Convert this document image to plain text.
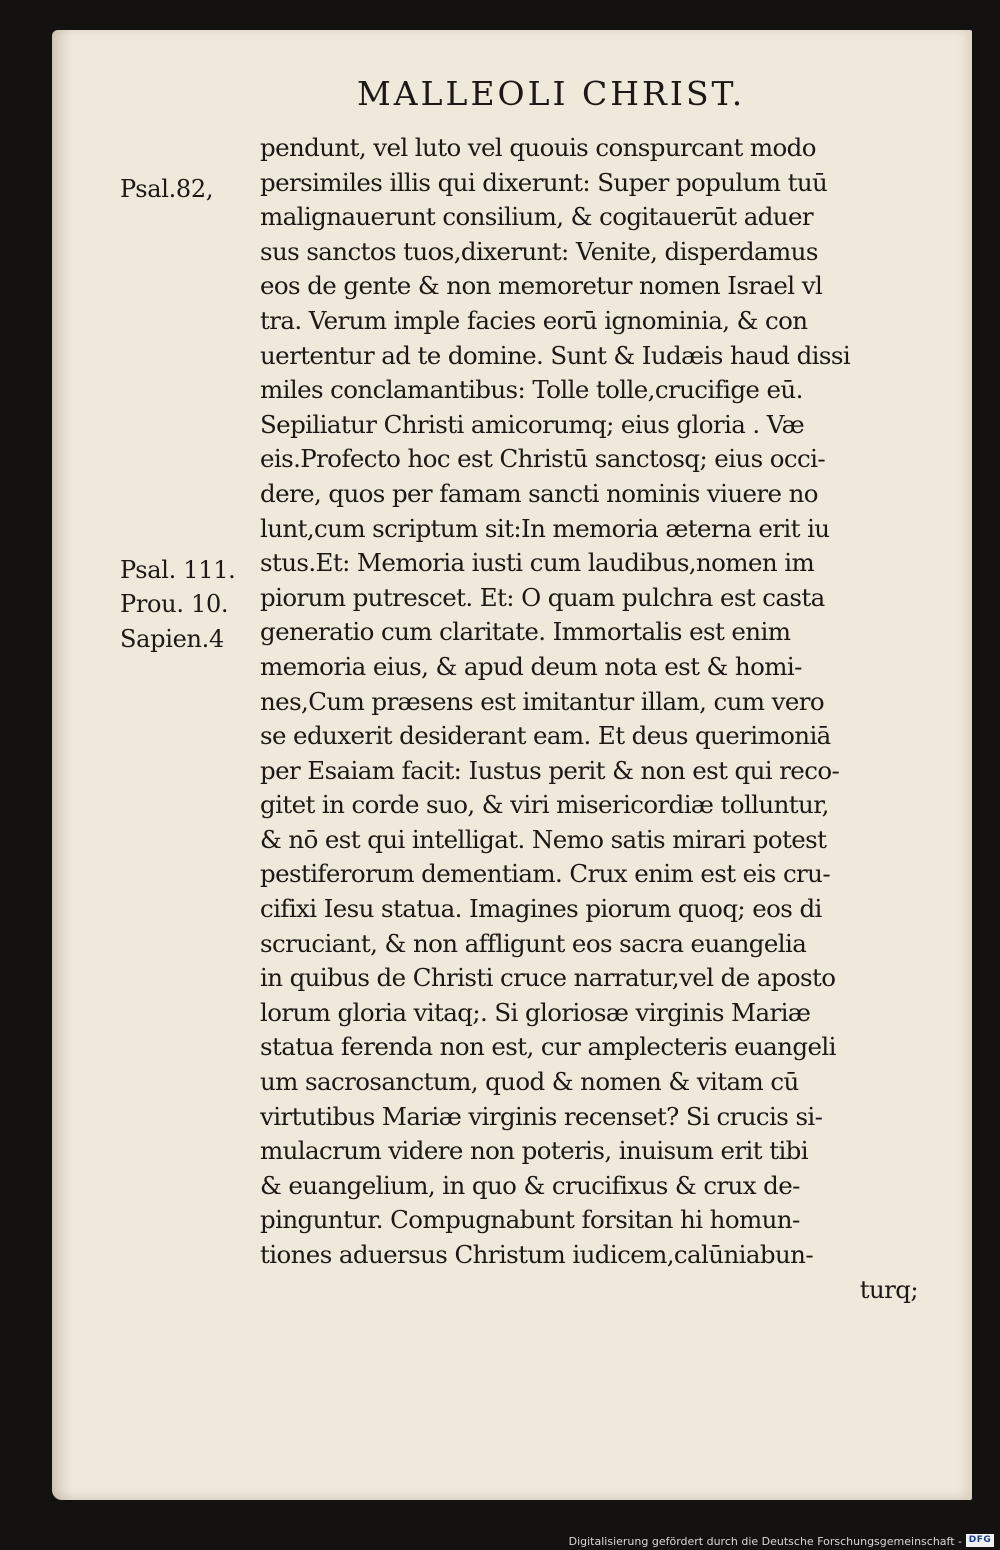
MALLEOLI CHRIST.
Psal.82,
Psal. 111.
Prou. 10.
Sapien.4
pendunt, vel luto vel quouis conspurcant modo
persimiles illis qui dixerunt: Super populum tuū
malignauerunt consilium, & cogitauerūt aduer
sus sanctos tuos,dixerunt: Venite, disperdamus
eos de gente & non memoretur nomen Israel vl
tra. Verum imple facies eorū ignominia, & con
uertentur ad te domine. Sunt & Iudæis haud dissi
miles conclamantibus: Tolle tolle,crucifige eū.
Sepiliatur Christi amicorumq; eius gloria . Væ
eis.Profecto hoc est Christū sanctosq; eius occi-
dere, quos per famam sancti nominis viuere no
lunt,cum scriptum sit:In memoria æterna erit iu
stus.Et: Memoria iusti cum laudibus,nomen im
piorum putrescet. Et: O quam pulchra est casta
generatio cum claritate. Immortalis est enim
memoria eius, & apud deum nota est & homi-
nes,Cum præsens est imitantur illam, cum vero
se eduxerit desiderant eam. Et deus querimoniā
per Esaiam facit: Iustus perit & non est qui reco-
gitet in corde suo, & viri misericordiæ tolluntur,
& nō est qui intelligat. Nemo satis mirari potest
pestiferorum dementiam. Crux enim est eis cru-
cifixi Iesu statua. Imagines piorum quoq; eos di
scruciant, & non affligunt eos sacra euangelia
in quibus de Christi cruce narratur,vel de aposto
lorum gloria vitaq;. Si gloriosæ virginis Mariæ
statua ferenda non est, cur amplecteris euangeli
um sacrosanctum, quod & nomen & vitam cū
virtutibus Mariæ virginis recenset? Si crucis si-
mulacrum videre non poteris, inuisum erit tibi
& euangelium, in quo & crucifixus & crux de-
pinguntur. Compugnabunt forsitan hi homun-
tiones aduersus Christum iudicem,calūniabun-
turq;
Digitalisierung gefördert durch die Deutsche Forschungsgemeinschaft - DFG
